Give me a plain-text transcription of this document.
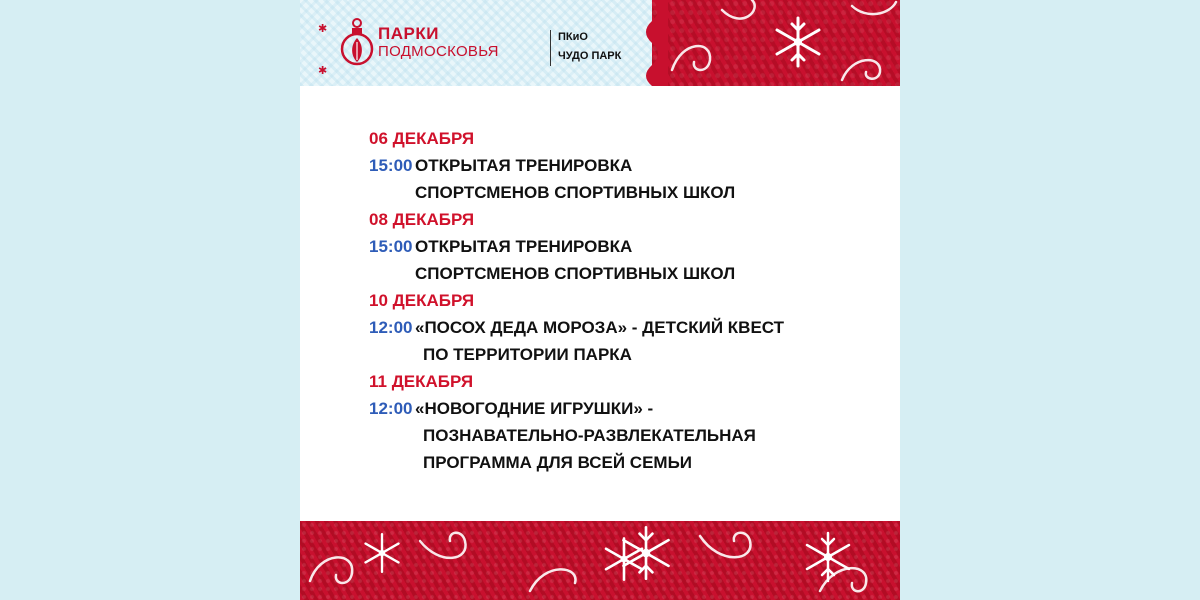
✱
✱
ПАРКИ
ПОДМОСКОВЬЯ
ПКиО
ЧУДО ПАРК
06 ДЕКАБРЯ
15:00 ОТКРЫТАЯ ТРЕНИРОВКА
СПОРТСМЕНОВ СПОРТИВНЫХ ШКОЛ
08 ДЕКАБРЯ
15:00 ОТКРЫТАЯ ТРЕНИРОВКА
СПОРТСМЕНОВ СПОРТИВНЫХ ШКОЛ
10 ДЕКАБРЯ
12:00 «ПОСОХ ДЕДА МОРОЗА» - ДЕТСКИЙ КВЕСТ
ПО ТЕРРИТОРИИ ПАРКА
11 ДЕКАБРЯ
12:00 «НОВОГОДНИЕ ИГРУШКИ» -
ПОЗНАВАТЕЛЬНО-РАЗВЛЕКАТЕЛЬНАЯ
ПРОГРАММА ДЛЯ ВСЕЙ СЕМЬИ
